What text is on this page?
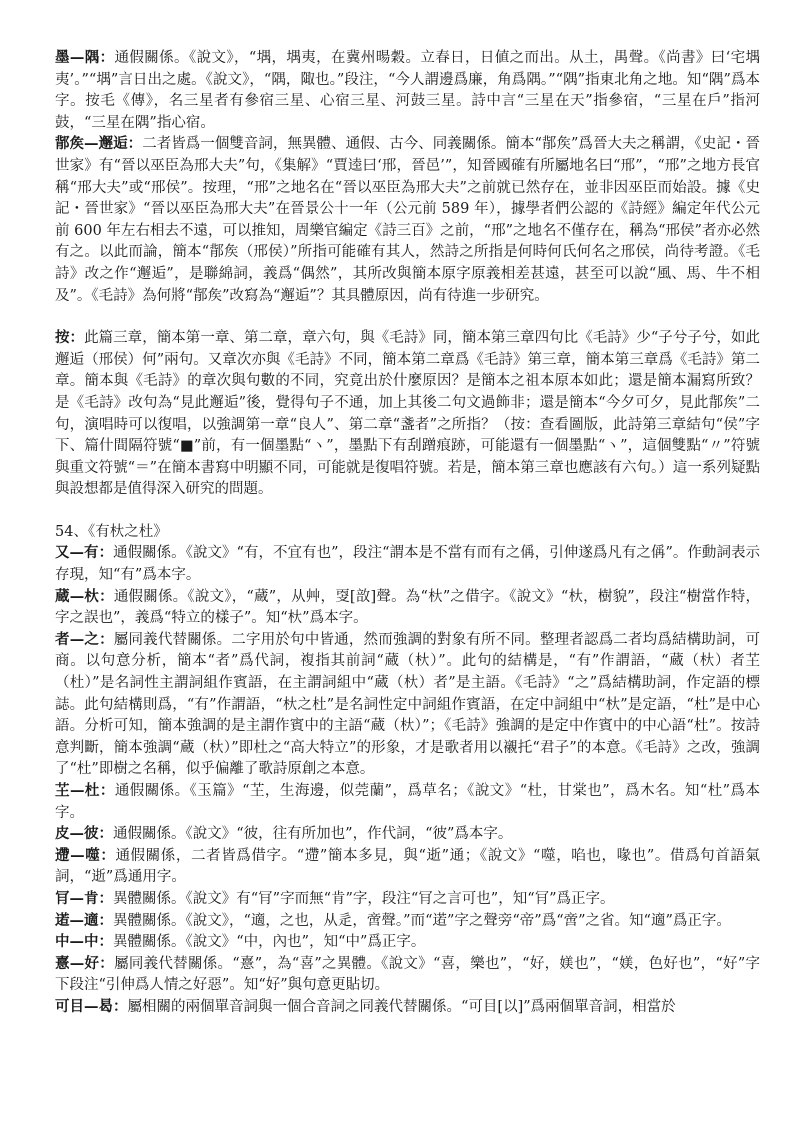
墨—隅：通假關係。《說文》，“堣，堣夷，在冀州暘穀。立春日，日値之而出。从土，禺聲。《尚書》曰‘宅堣夷’。”“堣”言日出之處。《說文》，“隅，陬也。”段注，“今人謂邊爲廉，角爲隅。”“隅”指東北角之地。知“隅”爲本字。按毛《傳》，名三星者有參宿三星、心宿三星、河鼓三星。詩中言“三星在天”指參宿，“三星在戶”指河鼓，“三星在隅”指心宿。

鄁矦—邂逅：二者皆爲一個雙音詞，無異體、通假、古今、同義關係。簡本“鄁矦”爲晉大夫之稱謂，《史記・晉世家》有“晉以巫臣為邢大夫”句，《集解》“賈逵曰‘邢，晉邑’”，知晉國確有所屬地名曰“邢”，“邢”之地方長官稱“邢大夫”或“邢侯”。按理，“邢”之地名在“晉以巫臣為邢大夫”之前就已然存在，並非因巫臣而始設。據《史記・晉世家》“晉以巫臣為邢大夫”在晉景公十一年（公元前 589 年），據學者們公認的《詩經》編定年代公元前 600 年左右相去不遠，可以推知，周樂官編定《詩三百》之前，“邢”之地名不僅存在，稱為“邢侯”者亦必然有之。以此而論，簡本“鄁矦（邢侯）”所指可能確有其人，然詩之所指是何時何氏何名之邢侯，尚待考證。《毛詩》改之作“邂逅”，是聯綿詞，義爲“偶然”，其所改與簡本原字原義相差甚遠，甚至可以說“風、馬、牛不相及”。《毛詩》為何將“鄁矦”改寫為“邂逅”？其具體原因，尚有待進一步研究。

按：此篇三章，簡本第一章、第二章，章六句，與《毛詩》同，簡本第三章四句比《毛詩》少“子兮子兮，如此邂逅（邢侯）何”兩句。又章次亦與《毛詩》不同，簡本第二章爲《毛詩》第三章，簡本第三章爲《毛詩》第二章。簡本與《毛詩》的章次與句數的不同，究竟出於什麼原因？是簡本之祖本原本如此；還是簡本漏寫所致？是《毛詩》改句為“見此邂逅”後，覺得句子不通，加上其後二句文過飾非；還是簡本“今夕可夕，見此鄁矦”二句，演唱時可以復唱，以強調第一章“良人”、第二章“盞者”之所指？（按：查看圖版，此詩第三章結句“侯”字下、篇什間隔符號“■”前，有一個墨點“ヽ”，墨點下有刮蹭痕跡，可能還有一個墨點“ヽ”，這個雙點“〃”符號與重文符號“＝”在簡本書寫中明顯不同，可能就是復唱符號。若是，簡本第三章也應該有六句。）這一系列疑點與設想都是值得深入研究的問題。

54、《有杕之杜》

又—有：通假關係。《說文》“有，不宜有也”，段注“謂本是不當有而有之偁，引伸遂爲凡有之偁”。作動詞表示存現，知“有”爲本字。

蔵—杕：通假關係。《說文》，“蔵”，从艸，㪅[敨]聲。為“杕”之借字。《說文》“杕，樹貌”，段注“樹當作特，字之誤也”，義爲“特立的樣子”。知“杕”爲本字。

者—之：屬同義代替關係。二字用於句中皆通，然而強調的對象有所不同。整理者認爲二者均爲結構助詞，可商。以句意分析，簡本“者”爲代詞，複指其前詞“蔵（杕）”。此句的結構是，“有”作謂語，“蔵（杕）者芏（杜）”是名詞性主謂詞組作賓語，在主謂詞組中“蔵（杕）者”是主語。《毛詩》“之”爲結構助詞，作定語的標誌。此句結構則爲，“有”作謂語，“杕之杜”是名詞性定中詞組作賓語，在定中詞組中“杕”是定語，“杜”是中心語。分析可知，簡本強調的是主謂作賓中的主語“蔵（杕）”；《毛詩》強調的是定中作賓中的中心語“杜”。按詩意判斷，簡本強調“蔵（杕）”即杜之“高大特立”的形象，才是歌者用以襯托“君子”的本意。《毛詩》之改，強調了“杜”即樹之名稱，似乎偏離了歌詩原創之本意。

芏—杜：通假關係。《玉篇》“芏，生海邊，似莞蘭”，爲草名；《說文》“杜，甘棠也”，爲木名。知“杜”爲本字。

皮—彼：通假關係。《說文》“彼，往有所加也”，作代詞，“彼”爲本字。

遰—噬：通假關係，二者皆爲借字。“遰”簡本多見，與“逝”通；《說文》“噬，啗也，喙也”。借爲句首語氣詞，“逝”爲通用字。

肎—肯：異體關係。《說文》有“肎”字而無“肯”字，段注“肎之言可也”，知“肎”爲正字。

逽—適：異體關係。《說文》，“適，之也，从辵，啻聲。”而“逽”字之聲旁“帝”爲“啻”之省。知“適”爲正字。

中—中：異體關係。《說文》“中，內也”，知“中”爲正字。

憙—好：屬同義代替關係。“憙”，為“喜”之異體。《說文》“喜，樂也”，“好，媄也”，“媄，色好也”，“好”字下段注“引伸爲人情之好惡”。知“好”與句意更貼切。

可目—曷：屬相關的兩個單音詞與一個合音詞之同義代替關係。“可目[以]”爲兩個單音詞，相當於
